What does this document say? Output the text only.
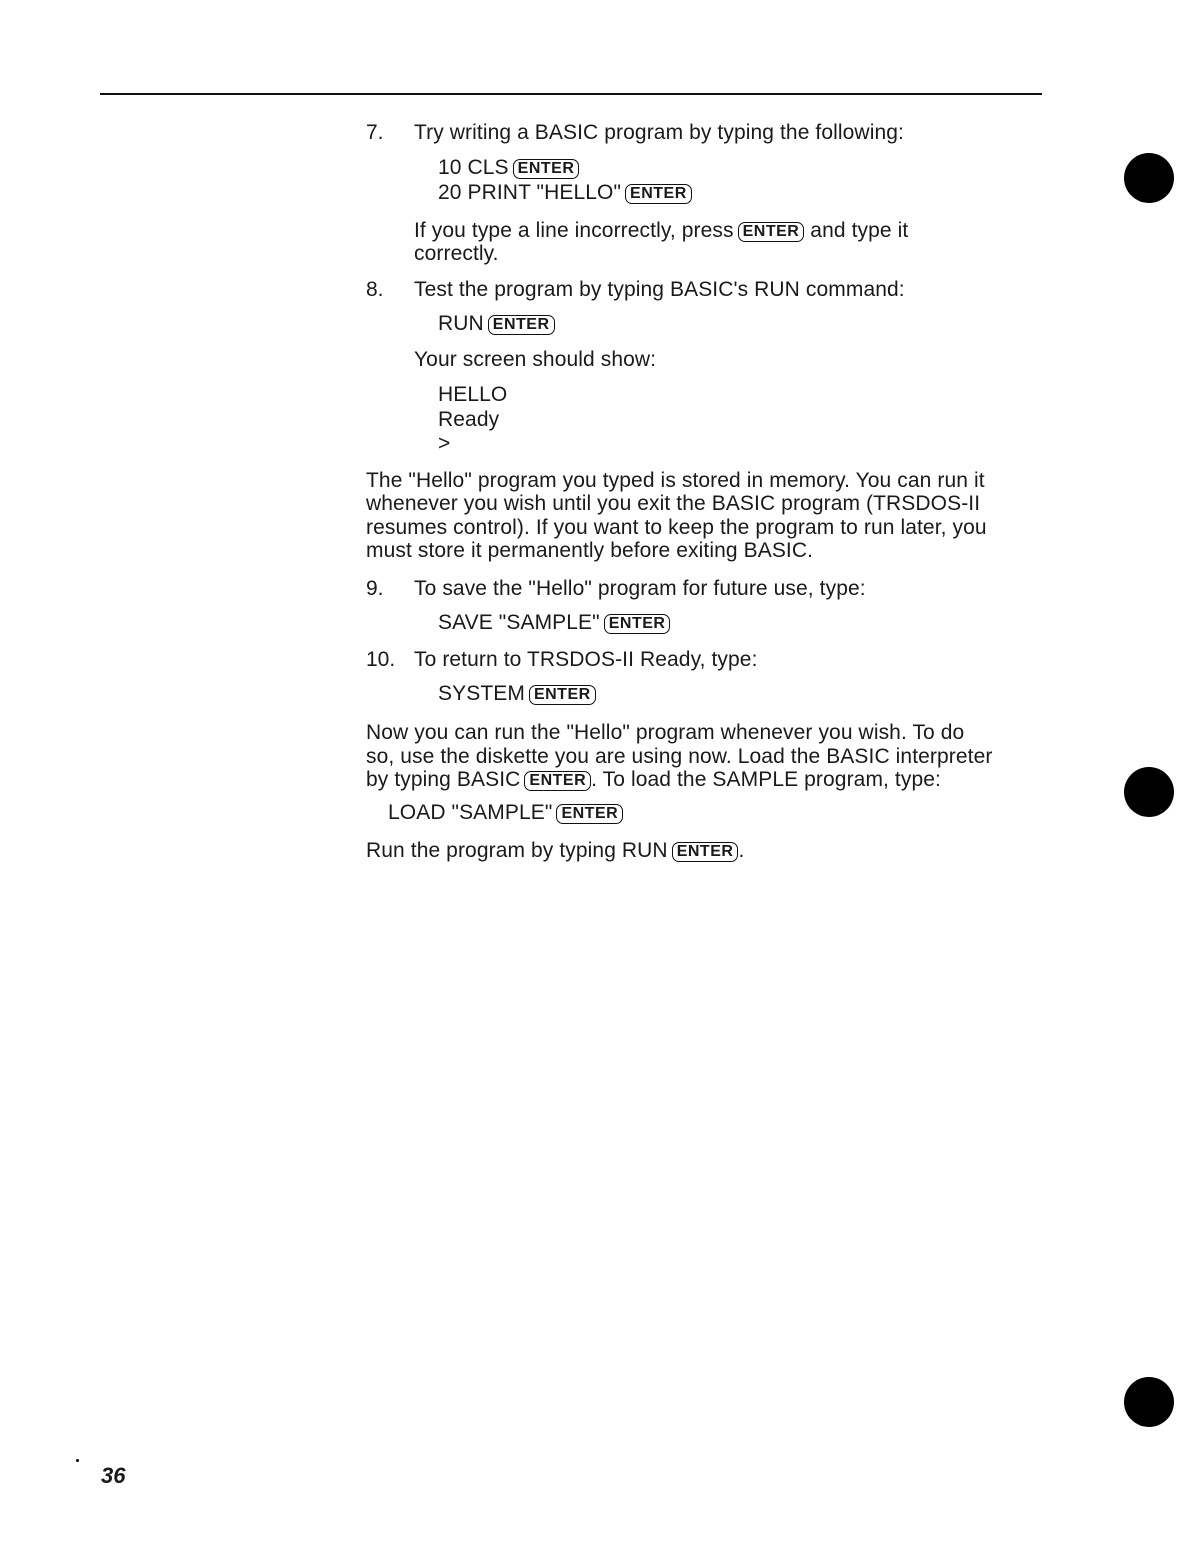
7. Try writing a BASIC program by typing the following:
10 CLS ENTER
20 PRINT "HELLO" ENTER
If you type a line incorrectly, press ENTER and type it
correctly.
8. Test the program by typing BASIC's RUN command:
RUN ENTER
Your screen should show:
HELLO
Ready
>
The "Hello" program you typed is stored in memory. You can run it
whenever you wish until you exit the BASIC program (TRSDOS-II
resumes control). If you want to keep the program to run later, you
must store it permanently before exiting BASIC.
9. To save the "Hello" program for future use, type:
SAVE "SAMPLE" ENTER
10. To return to TRSDOS-II Ready, type:
SYSTEM ENTER
Now you can run the "Hello" program whenever you wish. To do
so, use the diskette you are using now. Load the BASIC interpreter
by typing BASIC ENTER . To load the SAMPLE program, type:
LOAD "SAMPLE" ENTER
Run the program by typing RUN ENTER .
36
